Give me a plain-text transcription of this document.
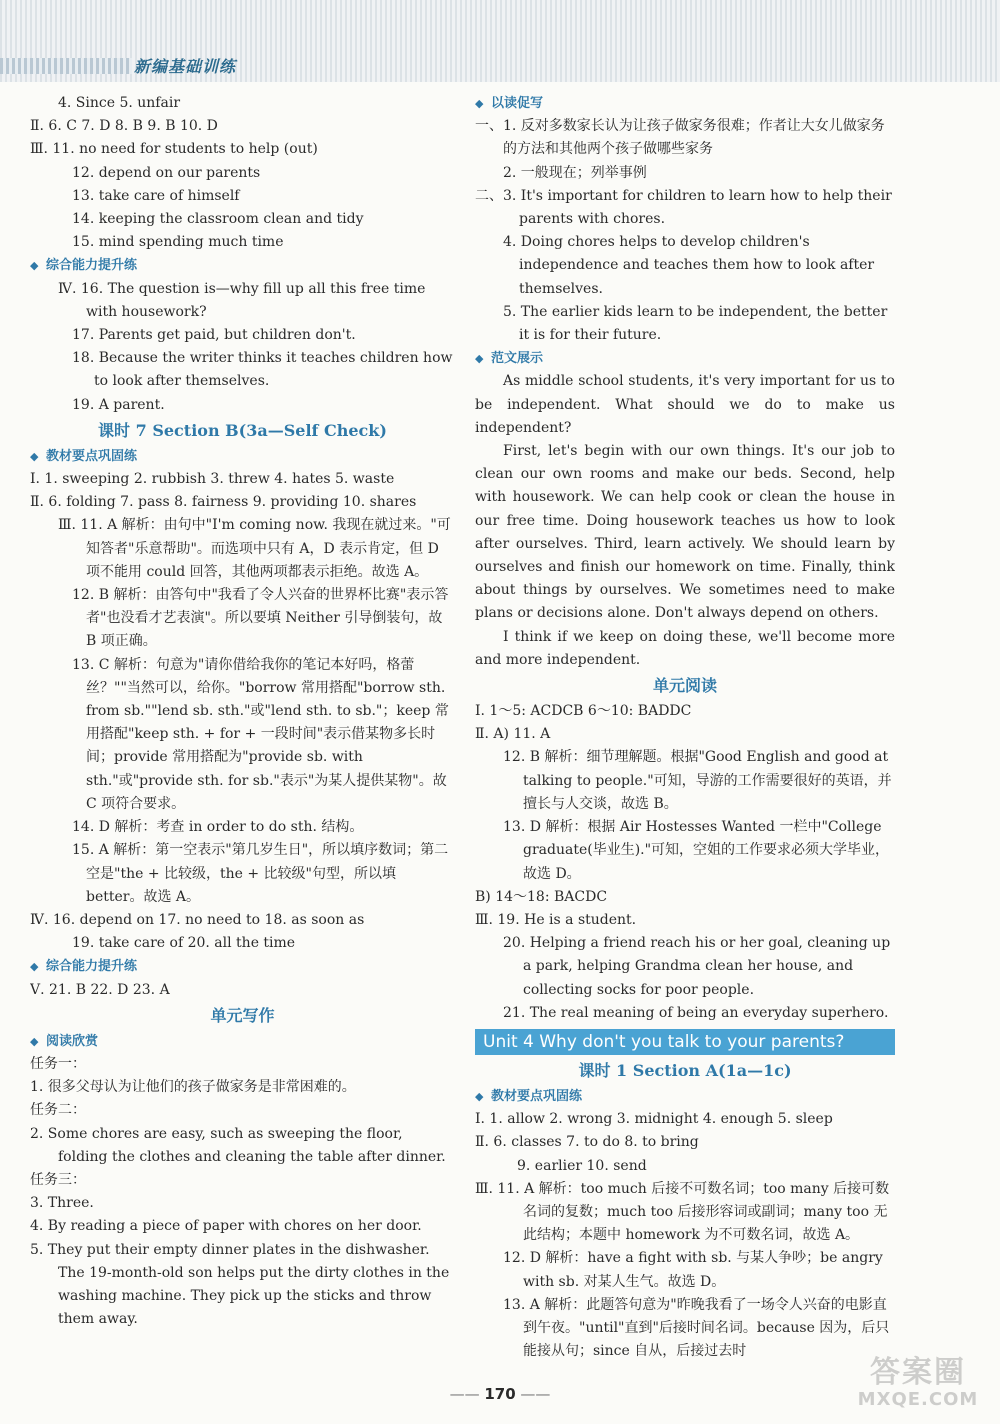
新编基础训练
4. Since 5. unfair
Ⅱ. 6. C 7. D 8. B 9. B 10. D
Ⅲ. 11. no need for students to help (out)
12. depend on our parents
13. take care of himself
14. keeping the classroom clean and tidy
15. mind spending much time
◆ 综合能力提升练
Ⅳ. 16. The question is—why fill up all this free time with housework?
17. Parents get paid, but children don't.
18. Because the writer thinks it teaches children how to look after themselves.
19. A parent.
课时 7 Section B(3a—Self Check)
◆ 教材要点巩固练
Ⅰ. 1. sweeping 2. rubbish 3. threw 4. hates 5. waste
Ⅱ. 6. folding 7. pass 8. fairness 9. providing 10. shares
Ⅲ. 11. A 解析：由句中"I'm coming now. 我现在就过来。"可知答者"乐意帮助"。而选项中只有 A，D 表示肯定，但 D 项不能用 could 回答，其他两项都表示拒绝。故选 A。
12. B 解析：由答句中"我看了令人兴奋的世界杯比赛"表示答者"也没看才艺表演"。所以要填 Neither 引导倒装句，故 B 项正确。
13. C 解析：句意为"请你借给我你的笔记本好吗，格蕾丝？""当然可以，给你。"borrow 常用搭配"borrow sth. from sb.""lend sb. sth."或"lend sth. to sb."；keep 常用搭配"keep sth. + for + 一段时间"表示借某物多长时间；provide 常用搭配为"provide sb. with sth."或"provide sth. for sb."表示"为某人提供某物"。故 C 项符合要求。
14. D 解析：考查 in order to do sth. 结构。
15. A 解析：第一空表示"第几岁生日"，所以填序数词；第二空是"the + 比较级，the + 比较级"句型，所以填 better。故选 A。
Ⅳ. 16. depend on 17. no need to 18. as soon as
19. take care of 20. all the time
◆ 综合能力提升练
Ⅴ. 21. B 22. D 23. A
单元写作
◆ 阅读欣赏
任务一：
1. 很多父母认为让他们的孩子做家务是非常困难的。
任务二：
2. Some chores are easy, such as sweeping the floor, folding the clothes and cleaning the table after dinner.
任务三：
3. Three.
4. By reading a piece of paper with chores on her door.
5. They put their empty dinner plates in the dishwasher. The 19-month-old son helps put the dirty clothes in the washing machine. They pick up the sticks and throw them away.
◆ 以读促写
一、1. 反对多数家长认为让孩子做家务很难；作者让大女儿做家务的方法和其他两个孩子做哪些家务
2. 一般现在；列举事例
二、3. It's important for children to learn how to help their parents with chores.
4. Doing chores helps to develop children's independence and teaches them how to look after themselves.
5. The earlier kids learn to be independent, the better it is for their future.
◆ 范文展示
As middle school students, it's very important for us to be independent. What should we do to make us independent?
First, let's begin with our own things. It's our job to clean our own rooms and make our beds. Second, help with housework. We can help cook or clean the house in our free time. Doing housework teaches us how to look after ourselves. Third, learn actively. We should learn by ourselves and finish our homework on time. Finally, think about things by ourselves. We sometimes need to make plans or decisions alone. Don't always depend on others.
I think if we keep on doing these, we'll become more and more independent.
单元阅读
Ⅰ. 1～5: ACDCB 6～10: BADDC
Ⅱ. A) 11. A
12. B 解析：细节理解题。根据"Good English and good at talking to people."可知，导游的工作需要很好的英语，并擅长与人交谈，故选 B。
13. D 解析：根据 Air Hostesses Wanted 一栏中"College graduate(毕业生)."可知，空姐的工作要求必须大学毕业，故选 D。
B) 14～18: BACDC
Ⅲ. 19. He is a student.
20. Helping a friend reach his or her goal, cleaning up a park, helping Grandma clean her house, and collecting socks for poor people.
21. The real meaning of being an everyday superhero.
Unit 4 Why don't you talk to your parents?
课时 1 Section A(1a—1c)
◆ 教材要点巩固练
Ⅰ. 1. allow 2. wrong 3. midnight 4. enough 5. sleep
Ⅱ. 6. classes 7. to do 8. to bring
9. earlier 10. send
Ⅲ. 11. A 解析：too much 后接不可数名词；too many 后接可数名词的复数；much too 后接形容词或副词；many too 无此结构；本题中 homework 为不可数名词，故选 A。
12. D 解析：have a fight with sb. 与某人争吵；be angry with sb. 对某人生气。故选 D。
13. A 解析：此题答句意为"昨晚我看了一场令人兴奋的电影直到午夜。"until"直到"后接时间名词。because 因为，后只能接从句；since 自从，后接过去时
—— 170 ——
答案圈
MXQE.COM
